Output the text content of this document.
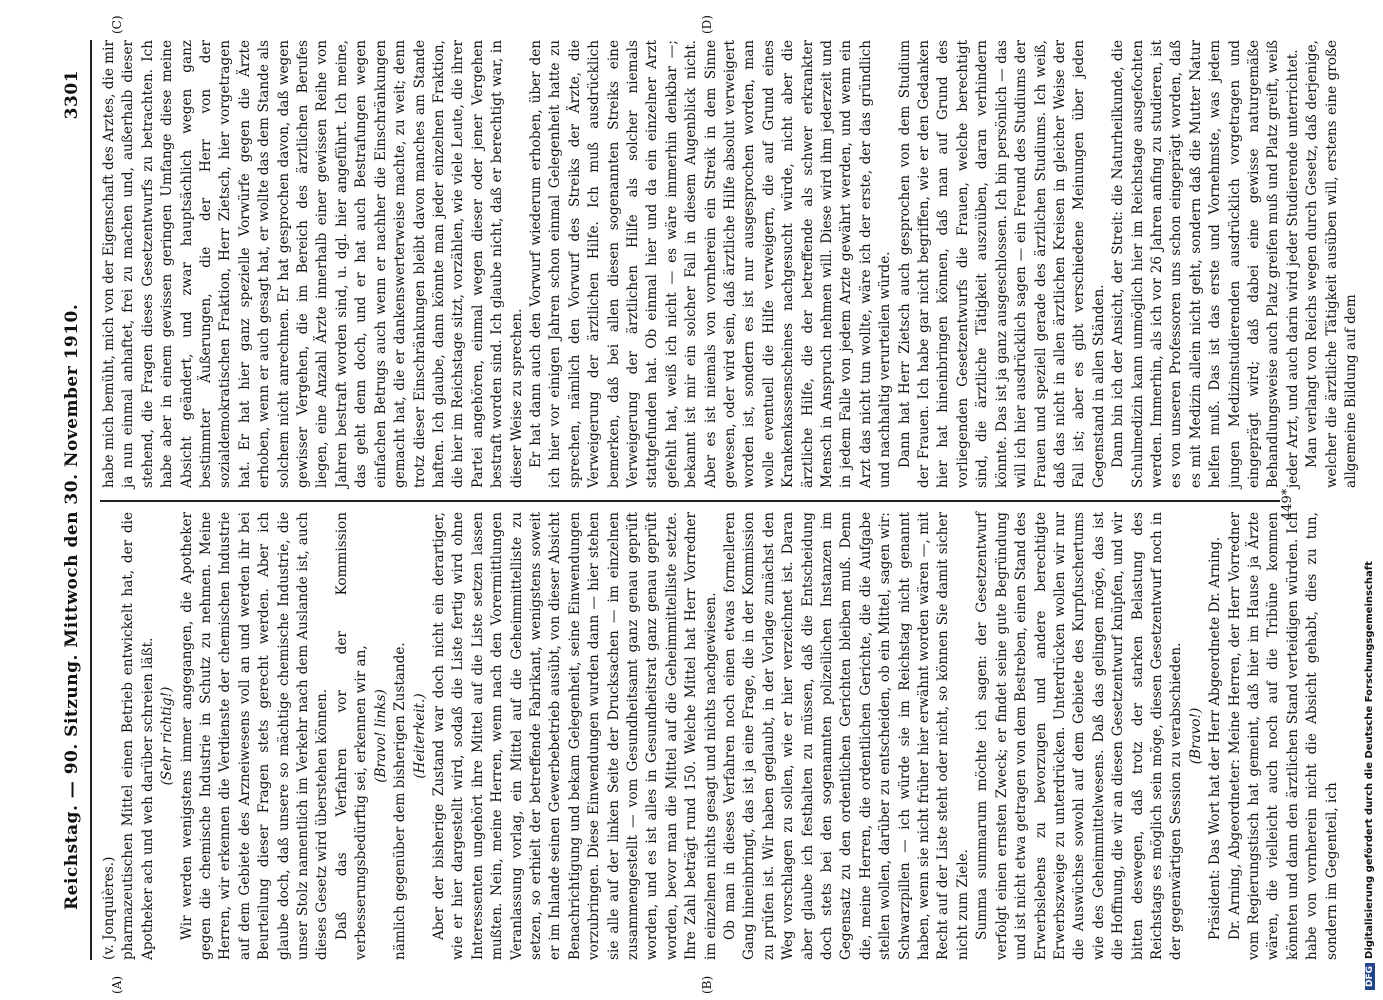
Reichstag. — 90. Sitzung. Mittwoch den 30. November 1910.
3301
(A)	(B)
(C)	(D)

(v. Jonquières.) pharmazeutischen Mittel einen Betrieb entwickelt hat, der die Apotheker ach und weh darüber schreien läßt. (Sehr richtig!) Wir werden wenigstens immer angegangen, die Apotheker gegen die chemische Industrie in Schutz zu nehmen. Meine Herren, wir erkennen die Verdienste der chemischen Industrie auf dem Gebiete des Arzneiwesens voll an und werden ihr bei Beurteilung dieser Fragen stets gerecht werden. Aber ich glaube doch, daß unsere so mächtige chemische Industrie, die unser Stolz namentlich im Verkehr nach dem Auslande ist, auch dieses Gesetz wird überstehen können. Daß das Verfahren vor der Kommission verbesserungsbedürftig sei, erkennen wir an, (Bravo! links) nämlich gegenüber dem bisherigen Zustande. (Heiterkeit.) Aber der bisherige Zustand war doch nicht ein derartiger, wie er hier dargestellt wird, sodaß die Liste fertig wird ohne Interessenten ungehört ihre Mittel auf die Liste setzen lassen mußten. Nein, meine Herren, wenn nach den Vorermittlungen Veranlassung vorlag, ein Mittel auf die Geheimmittelliste zu setzen, so erhielt der betreffende Fabrikant, wenigstens soweit er im Inlande seinen Gewerbebetrieb ausübt, von dieser Absicht Benachrichtigung und bekam Gelegenheit, seine Einwendungen vorzubringen. Diese Einwendungen wurden dann — hier stehen sie alle auf der linken Seite der Drucksachen — im einzelnen zusammengestellt — vom Gesundheitsamt ganz genau geprüft worden, und es ist alles in Gesundheitsrat ganz genau geprüft worden, bevor man die Mittel auf die Geheimmittelliste setzte. Ihre Zahl beträgt rund 150. Welche Mittel hat Herr Vorredner im einzelnen nichts gesagt und nichts nachgewiesen. Ob man in dieses Verfahren noch einen etwas formelleren Gang hineinbringt, das ist ja eine Frage, die in der Kommission zu prüfen ist. Wir haben geglaubt, in der Vorlage zunächst den Weg vorschlagen zu sollen, wie er hier verzeichnet ist. Daran aber glaube ich festhalten zu müssen, daß die Entscheidung doch stets bei den sogenannten polizeilichen Instanzen im Gegensatz zu den ordentlichen Gerichten bleiben muß. Denn die, meine Herren, die ordentlichen Gerichte, die die Aufgabe stellen wollen, darüber zu entscheiden, ob ein Mittel, sagen wir: Schwarzpillen — ich würde sie im Reichstag nicht genannt haben, wenn sie nicht früher hier erwähnt worden wären —, mit Recht auf der Liste steht oder nicht, so können Sie damit sicher nicht zum Ziele. Summa summarum möchte ich sagen: der Gesetzentwurf verfolgt einen ernsten Zweck; er findet seine gute Begründung und ist nicht etwa getragen von dem Bestreben, einen Stand des Erwerbslebens zu bevorzugen und andere berechtigte Erwerbszweige zu unterdrücken. Unterdrücken wollen wir nur die Auswüchse sowohl auf dem Gebiete des Kurpfuschertums wie des Geheimmittelwesens. Daß das gelingen möge, das ist die Hoffnung, die wir an diesen Gesetzentwurf knüpfen, und wir bitten deswegen, daß trotz der starken Belastung des Reichstags es möglich sein möge, diesen Gesetzentwurf noch in der gegenwärtigen Session zu verabschieden. (Bravo!) Präsident: Das Wort hat der Herr Abgeordnete Dr. Arning. Dr. Arning, Abgeordneter: Meine Herren, der Herr Vorredner vom Regierungstisch hat gemeint, daß hier im Hause ja Ärzte wären, die vielleicht auch noch auf die Tribüne kommen könnten und dann den ärztlichen Stand verteidigen würden. Ich habe von vornherein nicht die Absicht gehabt, dies zu tun, sondern im Gegenteil, ich

habe mich bemüht, mich von der Eigenschaft des Arztes, die mir ja nun einmal anhaftet, frei zu machen und, außerhalb dieser stehend, die Fragen dieses Gesetzentwurfs zu betrachten. Ich habe aber in einem gewissen geringen Umfange diese meine Absicht geändert, und zwar hauptsächlich wegen ganz bestimmter Äußerungen, die der Herr von der sozialdemokratischen Fraktion, Herr Zietsch, hier vorgetragen hat. Er hat hier ganz spezielle Vorwürfe gegen die Ärzte erhoben, wenn er auch gesagt hat, er wollte das dem Stande als solchem nicht anrechnen. Er hat gesprochen davon, daß wegen gewisser Vergehen, die im Bereich des ärztlichen Berufes liegen, eine Anzahl Ärzte innerhalb einer gewissen Reihe von Jahren bestraft worden sind, u. dgl. hier angeführt. Ich meine, das geht denn doch, und er hat auch Bestrafungen wegen einfachen Betrugs auch wenn er nachher die Einschränkungen gemacht hat, die er dankenswerterweise machte, zu weit; denn trotz dieser Einschränkungen bleibt davon manches am Stande haften. Ich glaube, dann könnte man jeder einzelnen Fraktion, die hier im Reichstage sitzt, vorzählen, wie viele Leute, die ihrer Partei angehören, einmal wegen dieser oder jener Vergehen bestraft worden sind. Ich glaube nicht, daß er berechtigt war, in dieser Weise zu sprechen. Er hat dann auch den Vorwurf wiederum erhoben, über den ich hier vor einigen Jahren schon einmal Gelegenheit hatte zu sprechen, nämlich den Vorwurf des Streiks der Ärzte, die Verweigerung der ärztlichen Hilfe. Ich muß ausdrücklich bemerken, daß bei allen diesen sogenannten Streiks eine Verweigerung der ärztlichen Hilfe als solcher niemals stattgefunden hat. Ob einmal hier und da ein einzelner Arzt gefehlt hat, weiß ich nicht — es wäre immerhin denkbar —; bekannt ist mir ein solcher Fall in diesem Augenblick nicht. Aber es ist niemals von vornherein ein Streik in dem Sinne gewesen, oder wird sein, daß ärztliche Hilfe absolut verweigert worden ist, sondern es ist nur ausgesprochen worden, man wolle eventuell die Hilfe verweigern, die auf Grund eines Krankenkassenscheines nachgesucht würde, nicht aber die ärztliche Hilfe, die der betreffende als schwer erkrankter Mensch in Anspruch nehmen will. Diese wird ihm jederzeit und in jedem Falle von jedem Arzte gewährt werden, und wenn ein Arzt das nicht tun wollte, wäre ich der erste, der das gründlich und nachhaltig verurteilen würde. Dann hat Herr Zietsch auch gesprochen von dem Studium der Frauen. Ich habe gar nicht begriffen, wie er den Gedanken hier hat hineinbringen können, daß man auf Grund des vorliegenden Gesetzentwurfs die Frauen, welche berechtigt sind, die ärztliche Tätigkeit auszuüben, daran verhindern könnte. Das ist ja ganz ausgeschlossen. Ich bin persönlich — das will ich hier ausdrücklich sagen — ein Freund des Studiums der Frauen und speziell gerade des ärztlichen Studiums. Ich weiß, daß das nicht in allen ärztlichen Kreisen in gleicher Weise der Fall ist; aber es gibt verschiedene Meinungen über jeden Gegenstand in allen Ständen. Dann bin ich der Ansicht, der Streit: die Naturheilkunde, die Schulmedizin kann unmöglich hier im Reichstage ausgefochten werden. Immerhin, als ich vor 26 Jahren anfing zu studieren, ist es von unseren Professoren uns schon eingeprägt worden, daß es mit Medizin allein nicht geht, sondern daß die Mutter Natur helfen muß. Das ist das erste und Vornehmste, was jedem jungen Medizinstudierenden ausdrücklich vorgetragen und eingeprägt wird; daß dabei eine gewisse naturgemäße Behandlungsweise auch Platz greifen muß und Platz greift, weiß jeder Arzt, und auch darin wird jeder Studierende unterrichtet. Man verlangt von Reichs wegen durch Gesetz, daß derjenige, welcher die ärztliche Tätigkeit ausüben will, erstens eine große allgemeine Bildung auf dem

449*
DFG
Digitalisierung gefördert durch die Deutsche Forschungsgemeinschaft
